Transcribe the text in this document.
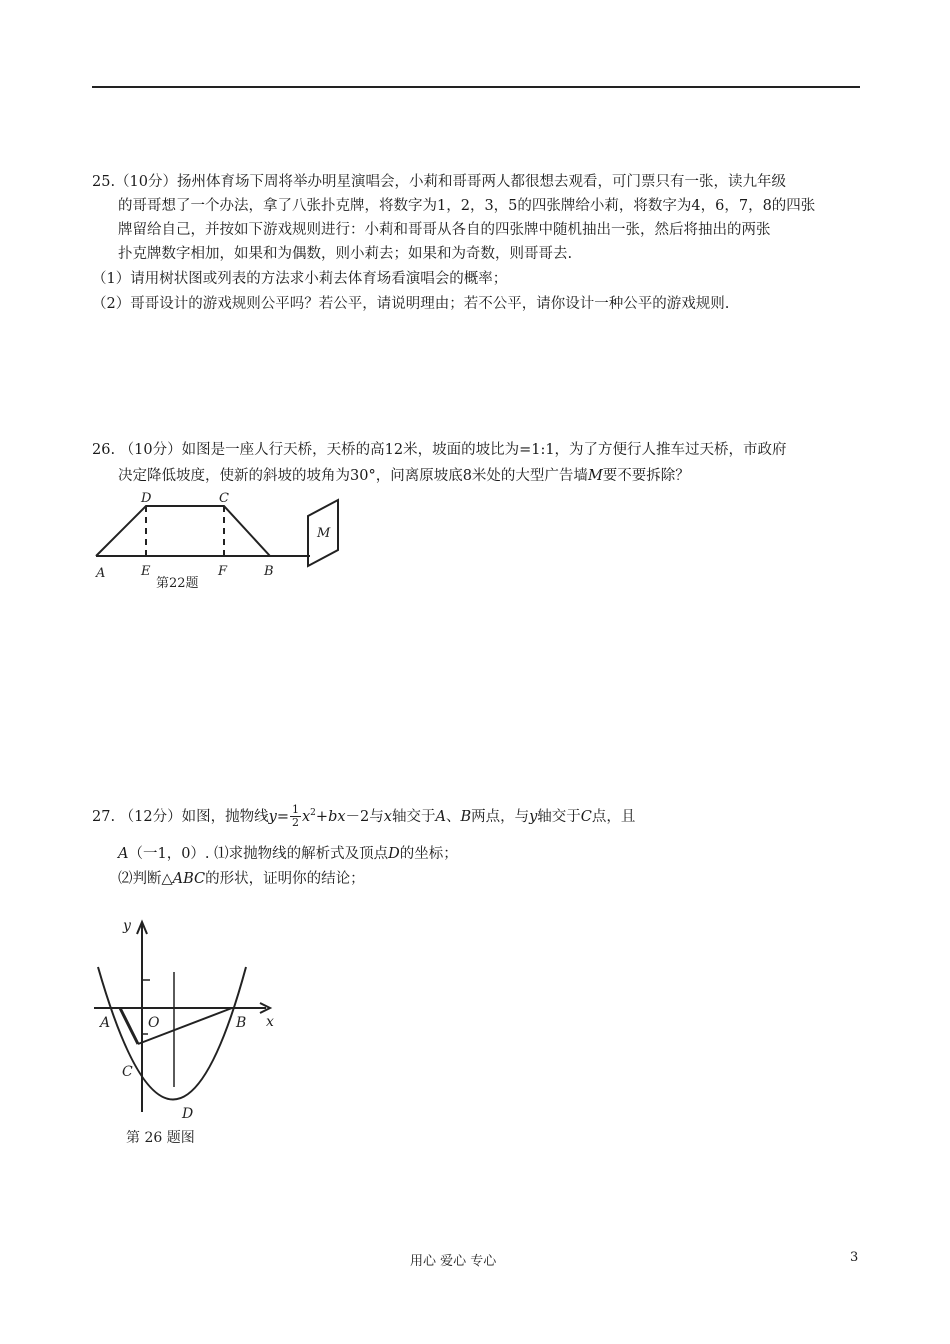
25.（10分）扬州体育场下周将举办明星演唱会，小莉和哥哥两人都很想去观看，可门票只有一张，读九年级
的哥哥想了一个办法，拿了八张扑克牌，将数字为1，2，3，5的四张牌给小莉，将数字为4，6，7，8的四张
牌留给自己，并按如下游戏规则进行：小莉和哥哥从各自的四张牌中随机抽出一张，然后将抽出的两张
扑克牌数字相加，如果和为偶数，则小莉去；如果和为奇数，则哥哥去.
（1）请用树状图或列表的方法求小莉去体育场看演唱会的概率；
（2）哥哥设计的游戏规则公平吗？若公平，请说明理由；若不公平，请你设计一种公平的游戏规则.
26. （10分）如图是一座人行天桥，天桥的高12米，坡面的坡比为=1:1，为了方便行人推车过天桥，市政府
决定降低坡度，使新的斜坡的坡角为30°，问离原坡底8米处的大型广告墙M要不要拆除？
A	E	F	B
D	C
M
第22题
27. （12分）如图，抛物线$y= \frac{1}{2} x^2+bx-2$与x轴交于A、B两点，与y轴交于C点，且
A（一1，0）. ⑴求抛物线的解析式及顶点D的坐标；
⑵判断△ABC的形状，证明你的结论；
y
x
A	O	B
C
D
第 26 题图
用心 爱心 专心	3
